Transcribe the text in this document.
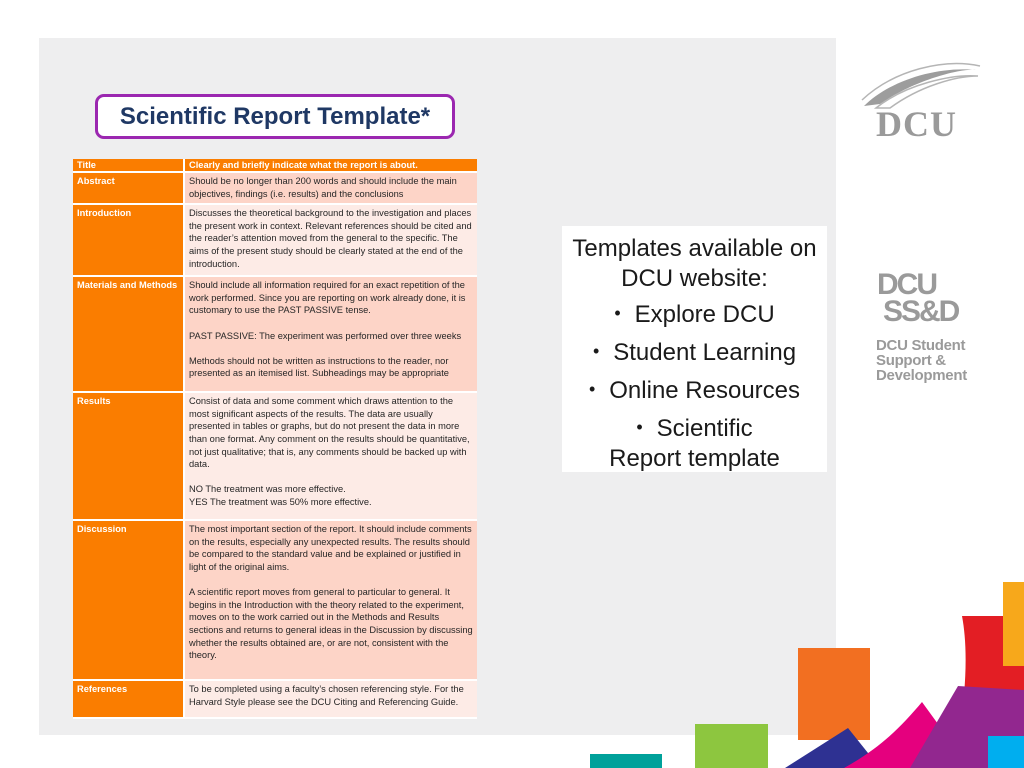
Scientific Report Template*
Title	Clearly and briefly indicate what the report is about.
Abstract	Should be no longer than 200 words and should include the main objectives, findings (i.e. results) and the conclusions

Introduction	Discusses the theoretical background to the investigation and places the present work in context. Relevant references should be cited and the reader’s attention moved from the general to the specific. The aims of the present study should be clearly stated at the end of the introduction.

Materials and Methods	Should include all information required for an exact repetition of the work performed. Since you are reporting on work already done, it is customary to use the PAST PASSIVE tense.

PAST PASSIVE: The experiment was performed over three weeks

Methods should not be written as instructions to the reader, nor presented as an itemised list. Subheadings may be appropriate

Results	Consist of data and some comment which draws attention to the most significant aspects of the results. The data are usually presented in tables or graphs, but do not present the data in more than one format. Any comment on the results should be quantitative, not just qualitative; that is, any comments should be backed up with data.

NO The treatment was more effective.
YES The treatment was 50% more effective.

Discussion	The most important section of the report. It should include comments on the results, especially any unexpected results. The results should be compared to the standard value and be explained or justified in light of the original aims.

A scientific report moves from general to particular to general. It begins in the Introduction with the theory related to the experiment, moves on to the work carried out in the Methods and Results sections and returns to general ideas in the Discussion by discussing whether the results obtained are, or are not, consistent with the theory.

References	To be completed using a faculty’s chosen referencing style. For the Harvard Style please see the DCU Citing and Referencing Guide.

Templates available on DCU website:
• Explore DCU
• Student Learning
• Online Resources
• Scientific Report template
DCU
DCU
SS&D
DCU Student Support & Development
